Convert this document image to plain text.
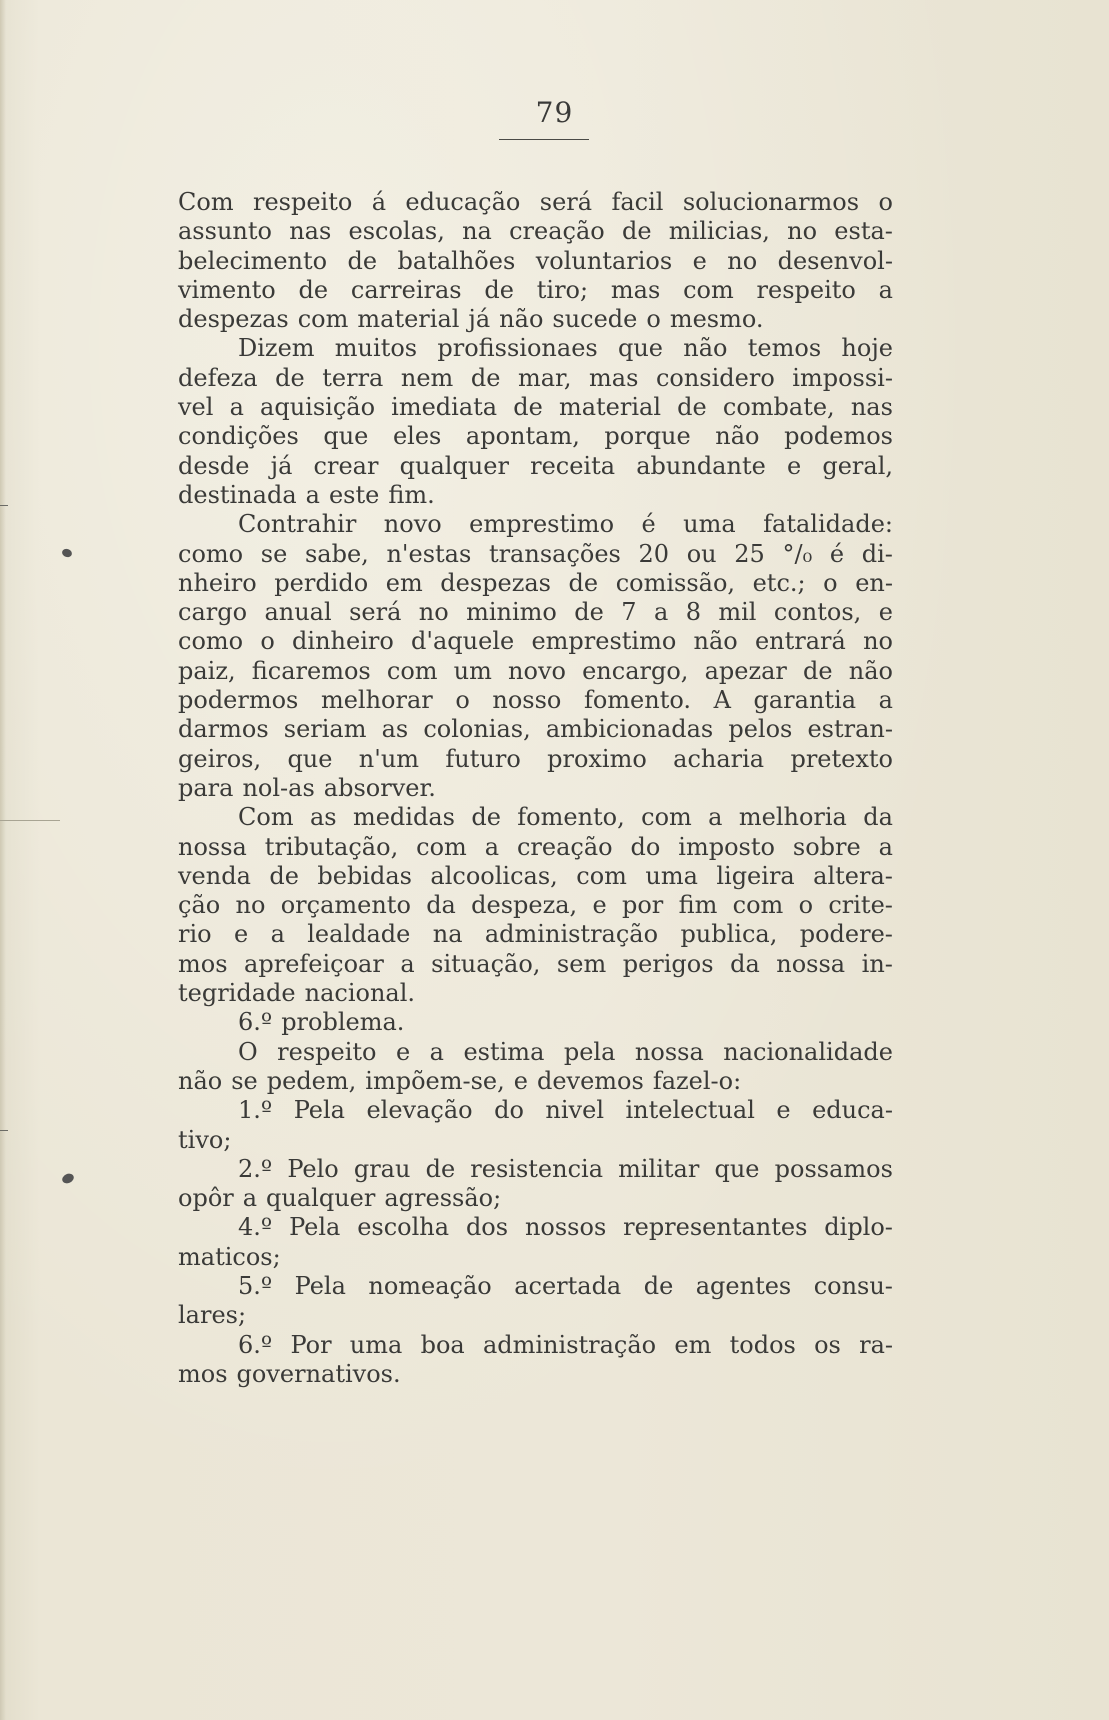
79
Com respeito á educação será facil solucionarmos o
assunto nas escolas, na creação de milicias, no esta-
belecimento de batalhões voluntarios e no desenvol-
vimento de carreiras de tiro; mas com respeito a
despezas com material já não sucede o mesmo.
Dizem muitos profissionaes que não temos hoje
defeza de terra nem de mar, mas considero impossi-
vel a aquisição imediata de material de combate, nas
condições que eles apontam, porque não podemos
desde já crear qualquer receita abundante e geral,
destinada a este fim.
Contrahir novo emprestimo é uma fatalidade:
como se sabe, n'estas transações 20 ou 25 °/₀ é di-
nheiro perdido em despezas de comissão, etc.; o en-
cargo anual será no minimo de 7 a 8 mil contos, e
como o dinheiro d'aquele emprestimo não entrará no
paiz, ficaremos com um novo encargo, apezar de não
podermos melhorar o nosso fomento. A garantia a
darmos seriam as colonias, ambicionadas pelos estran-
geiros, que n'um futuro proximo acharia pretexto
para nol-as absorver.
Com as medidas de fomento, com a melhoria da
nossa tributação, com a creação do imposto sobre a
venda de bebidas alcoolicas, com uma ligeira altera-
ção no orçamento da despeza, e por fim com o crite-
rio e a lealdade na administração publica, podere-
mos aprefeiçoar a situação, sem perigos da nossa in-
tegridade nacional.
6.º problema.
O respeito e a estima pela nossa nacionalidade
não se pedem, impõem-se, e devemos fazel-o:
1.º Pela elevação do nivel intelectual e educa-
tivo;
2.º Pelo grau de resistencia militar que possamos
opôr a qualquer agressão;
4.º Pela escolha dos nossos representantes diplo-
maticos;
5.º Pela nomeação acertada de agentes consu-
lares;
6.º Por uma boa administração em todos os ra-
mos governativos.
